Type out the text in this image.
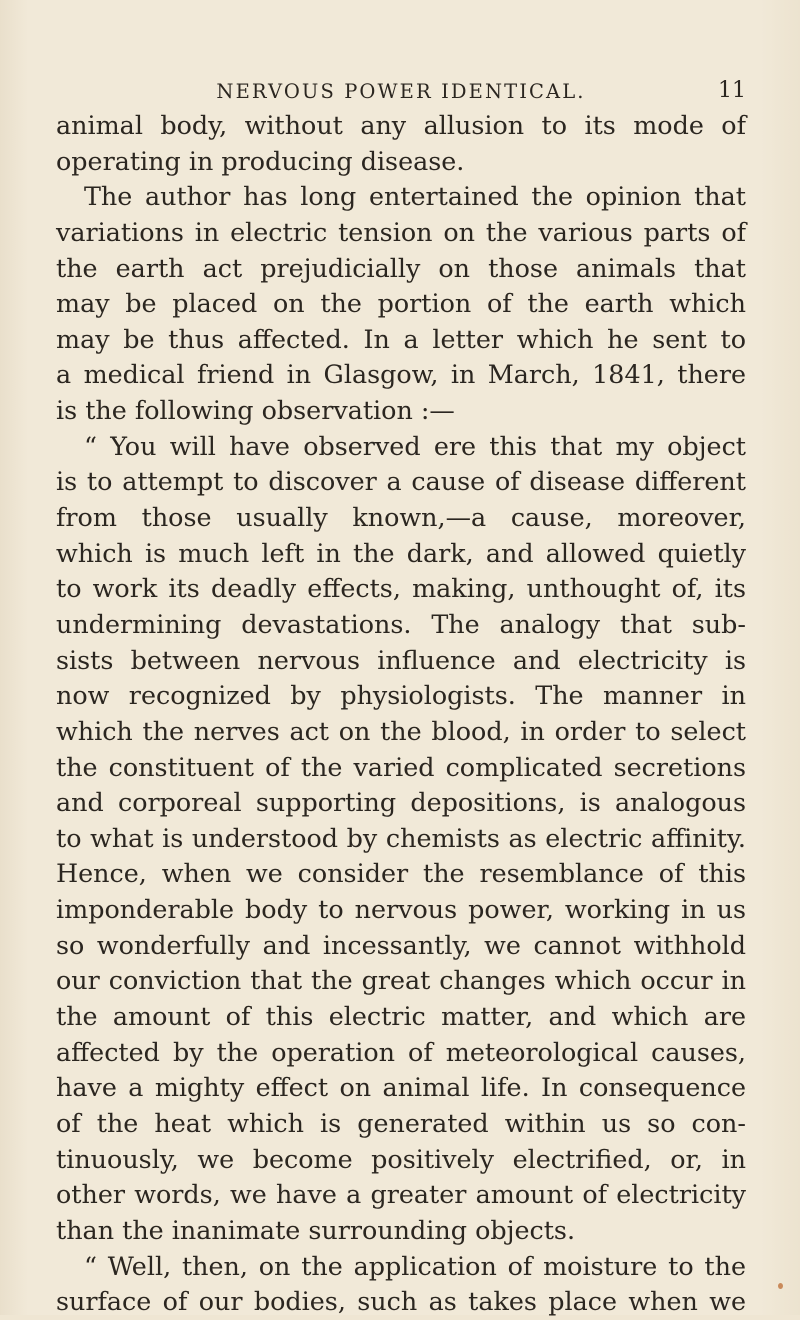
NERVOUS POWER IDENTICAL.	11
animal body, without any allusion to its mode of
operating in producing disease.
The author has long entertained the opinion that
variations in electric tension on the various parts of
the earth act prejudicially on those animals that
may be placed on the portion of the earth which
may be thus affected. In a letter which he sent to
a medical friend in Glasgow, in March, 1841, there
is the following observation :—
“ You will have observed ere this that my object
is to attempt to discover a cause of disease different
from those usually known,—a cause, moreover,
which is much left in the dark, and allowed quietly
to work its deadly effects, making, unthought of, its
undermining devastations. The analogy that sub-
sists between nervous influence and electricity is
now recognized by physiologists. The manner in
which the nerves act on the blood, in order to select
the constituent of the varied complicated secretions
and corporeal supporting depositions, is analogous
to what is understood by chemists as electric affinity.
Hence, when we consider the resemblance of this
imponderable body to nervous power, working in us
so wonderfully and incessantly, we cannot withhold
our conviction that the great changes which occur in
the amount of this electric matter, and which are
affected by the operation of meteorological causes,
have a mighty effect on animal life. In consequence
of the heat which is generated within us so con-
tinuously, we become positively electrified, or, in
other words, we have a greater amount of electricity
than the inanimate surrounding objects.
“ Well, then, on the application of moisture to the
surface of our bodies, such as takes place when we
